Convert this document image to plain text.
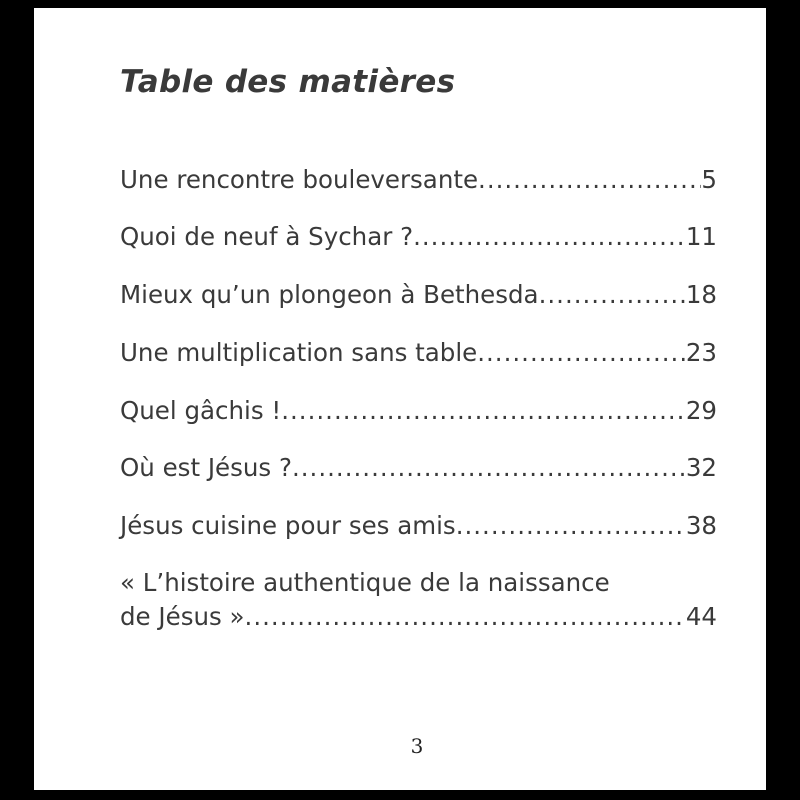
Table des matières
Une rencontre bouleversante .....	5
Quoi de neuf à Sychar ? .....	11
Mieux qu’un plongeon à Bethesda .....	18
Une multiplication sans table .....	23
Quel gâchis ! .....	29
Où est Jésus ? .....	32
Jésus cuisine pour ses amis .....	38
« L’histoire authentique de la naissance
de Jésus » .....	44
3
